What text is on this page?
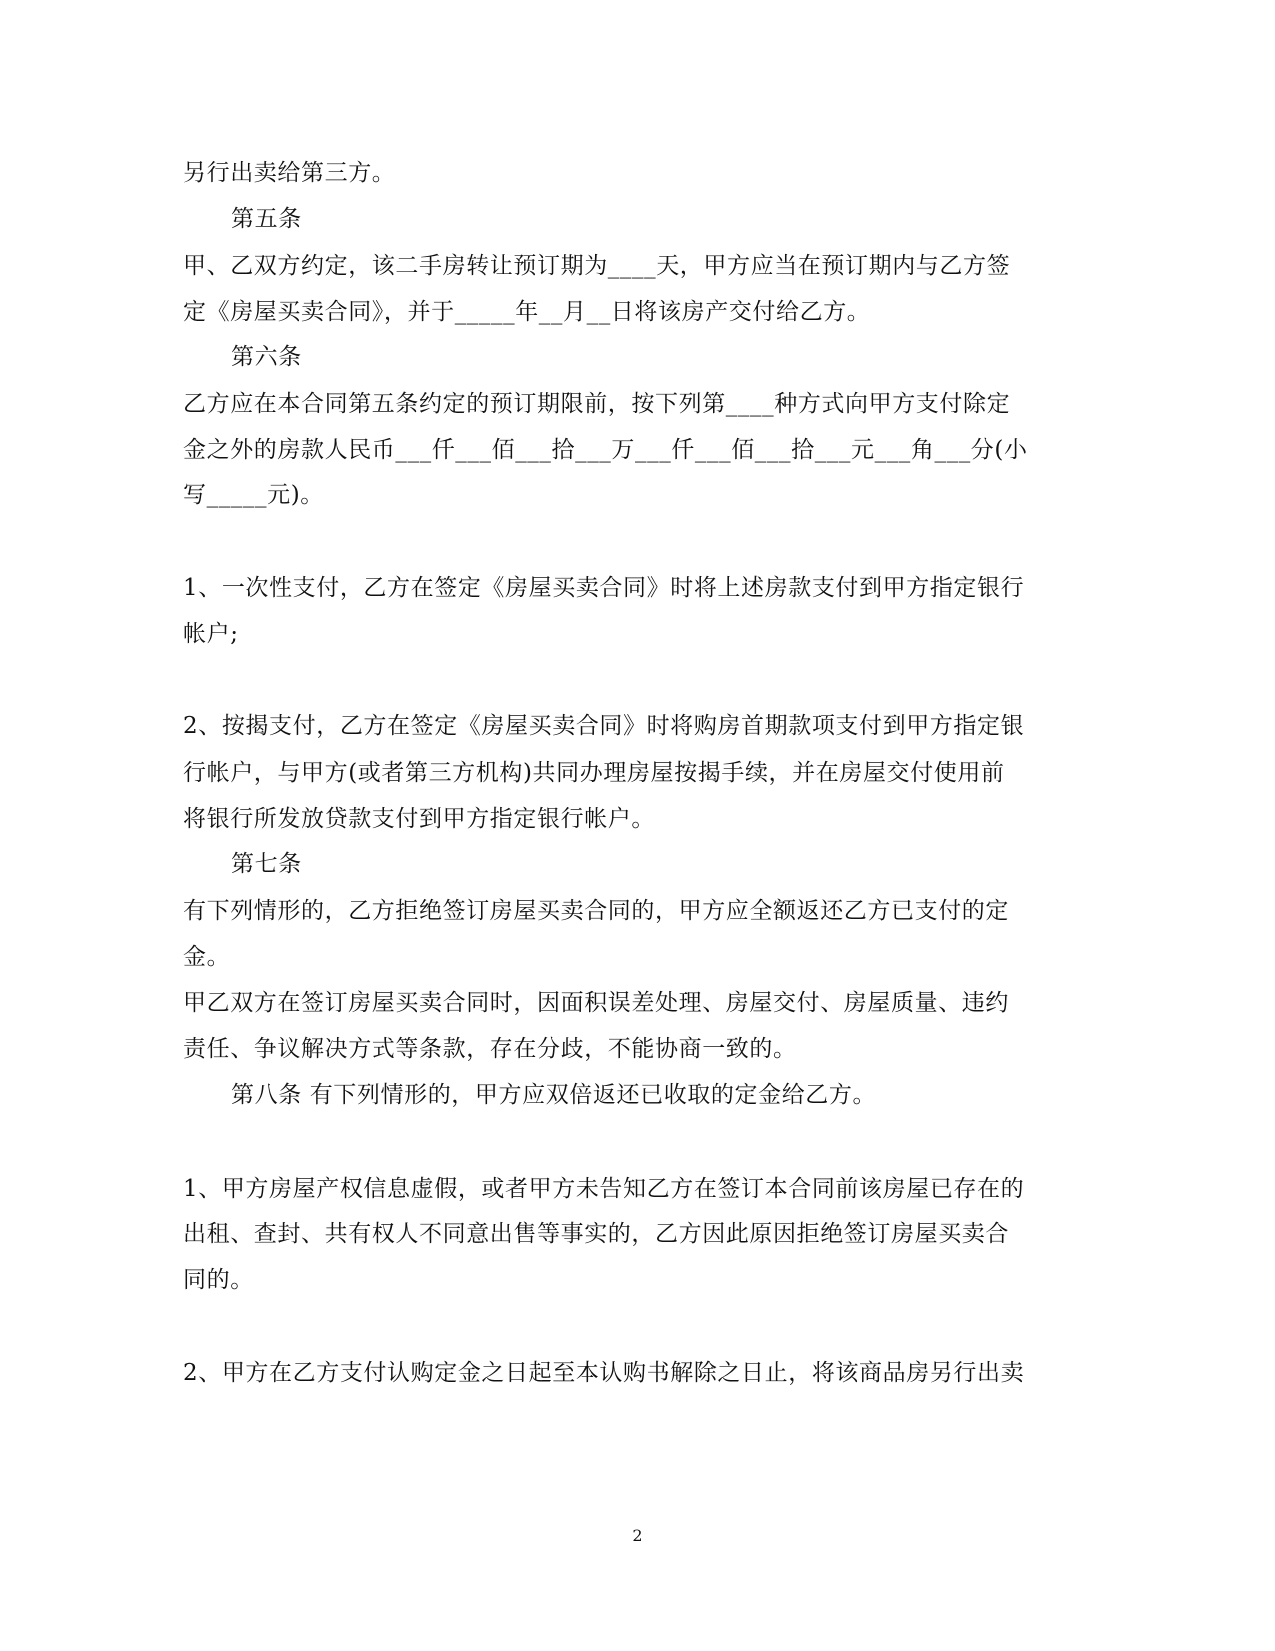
另行出卖给第三方。
第五条
甲、乙双方约定，该二手房转让预订期为____天，甲方应当在预订期内与乙方签
定《房屋买卖合同》，并于_____年__月__日将该房产交付给乙方。
第六条
乙方应在本合同第五条约定的预订期限前，按下列第____种方式向甲方支付除定
金之外的房款人民币___仟___佰___拾___万___仟___佰___拾___元___角___分(小
写_____元)。
1、一次性支付，乙方在签定《房屋买卖合同》时将上述房款支付到甲方指定银行
帐户;
2、按揭支付，乙方在签定《房屋买卖合同》时将购房首期款项支付到甲方指定银
行帐户，与甲方(或者第三方机构)共同办理房屋按揭手续，并在房屋交付使用前
将银行所发放贷款支付到甲方指定银行帐户。
第七条
有下列情形的，乙方拒绝签订房屋买卖合同的，甲方应全额返还乙方已支付的定
金。
甲乙双方在签订房屋买卖合同时，因面积误差处理、房屋交付、房屋质量、违约
责任、争议解决方式等条款，存在分歧，不能协商一致的。
第八条 有下列情形的，甲方应双倍返还已收取的定金给乙方。
1、甲方房屋产权信息虚假，或者甲方未告知乙方在签订本合同前该房屋已存在的
出租、查封、共有权人不同意出售等事实的，乙方因此原因拒绝签订房屋买卖合
同的。
2、甲方在乙方支付认购定金之日起至本认购书解除之日止，将该商品房另行出卖
2
